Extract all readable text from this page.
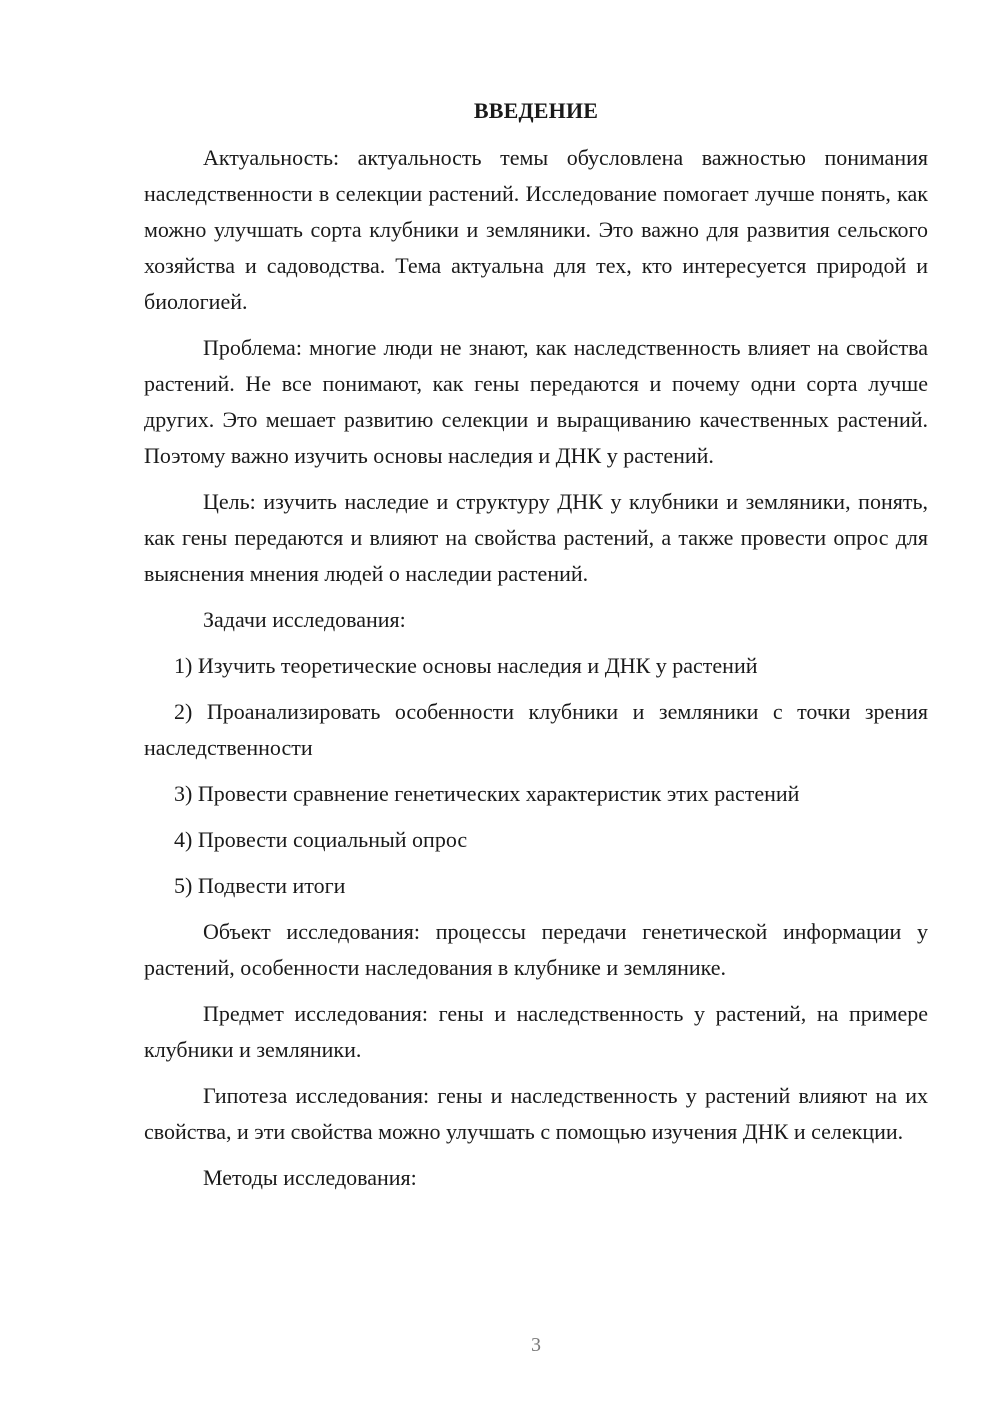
ВВЕДЕНИЕ

Актуальность: актуальность темы обусловлена важностью понимания наследственности в селекции растений. Исследование помогает лучше понять, как можно улучшать сорта клубники и земляники. Это важно для развития сельского хозяйства и садоводства. Тема актуальна для тех, кто интересуется природой и биологией.

Проблема: многие люди не знают, как наследственность влияет на свойства растений. Не все понимают, как гены передаются и почему одни сорта лучше других. Это мешает развитию селекции и выращиванию качественных растений. Поэтому важно изучить основы наследия и ДНК у растений.

Цель: изучить наследие и структуру ДНК у клубники и земляники, понять, как гены передаются и влияют на свойства растений, а также провести опрос для выяснения мнения людей о наследии растений.

Задачи исследования:

1) Изучить теоретические основы наследия и ДНК у растений

2) Проанализировать особенности клубники и земляники с точки зрения наследственности

3) Провести сравнение генетических характеристик этих растений

4) Провести социальный опрос

5) Подвести итоги

Объект исследования: процессы передачи генетической информации у растений, особенности наследования в клубнике и землянике.

Предмет исследования: гены и наследственность у растений, на примере клубники и земляники.

Гипотеза исследования: гены и наследственность у растений влияют на их свойства, и эти свойства можно улучшать с помощью изучения ДНК и селекции.

Методы исследования:

3
